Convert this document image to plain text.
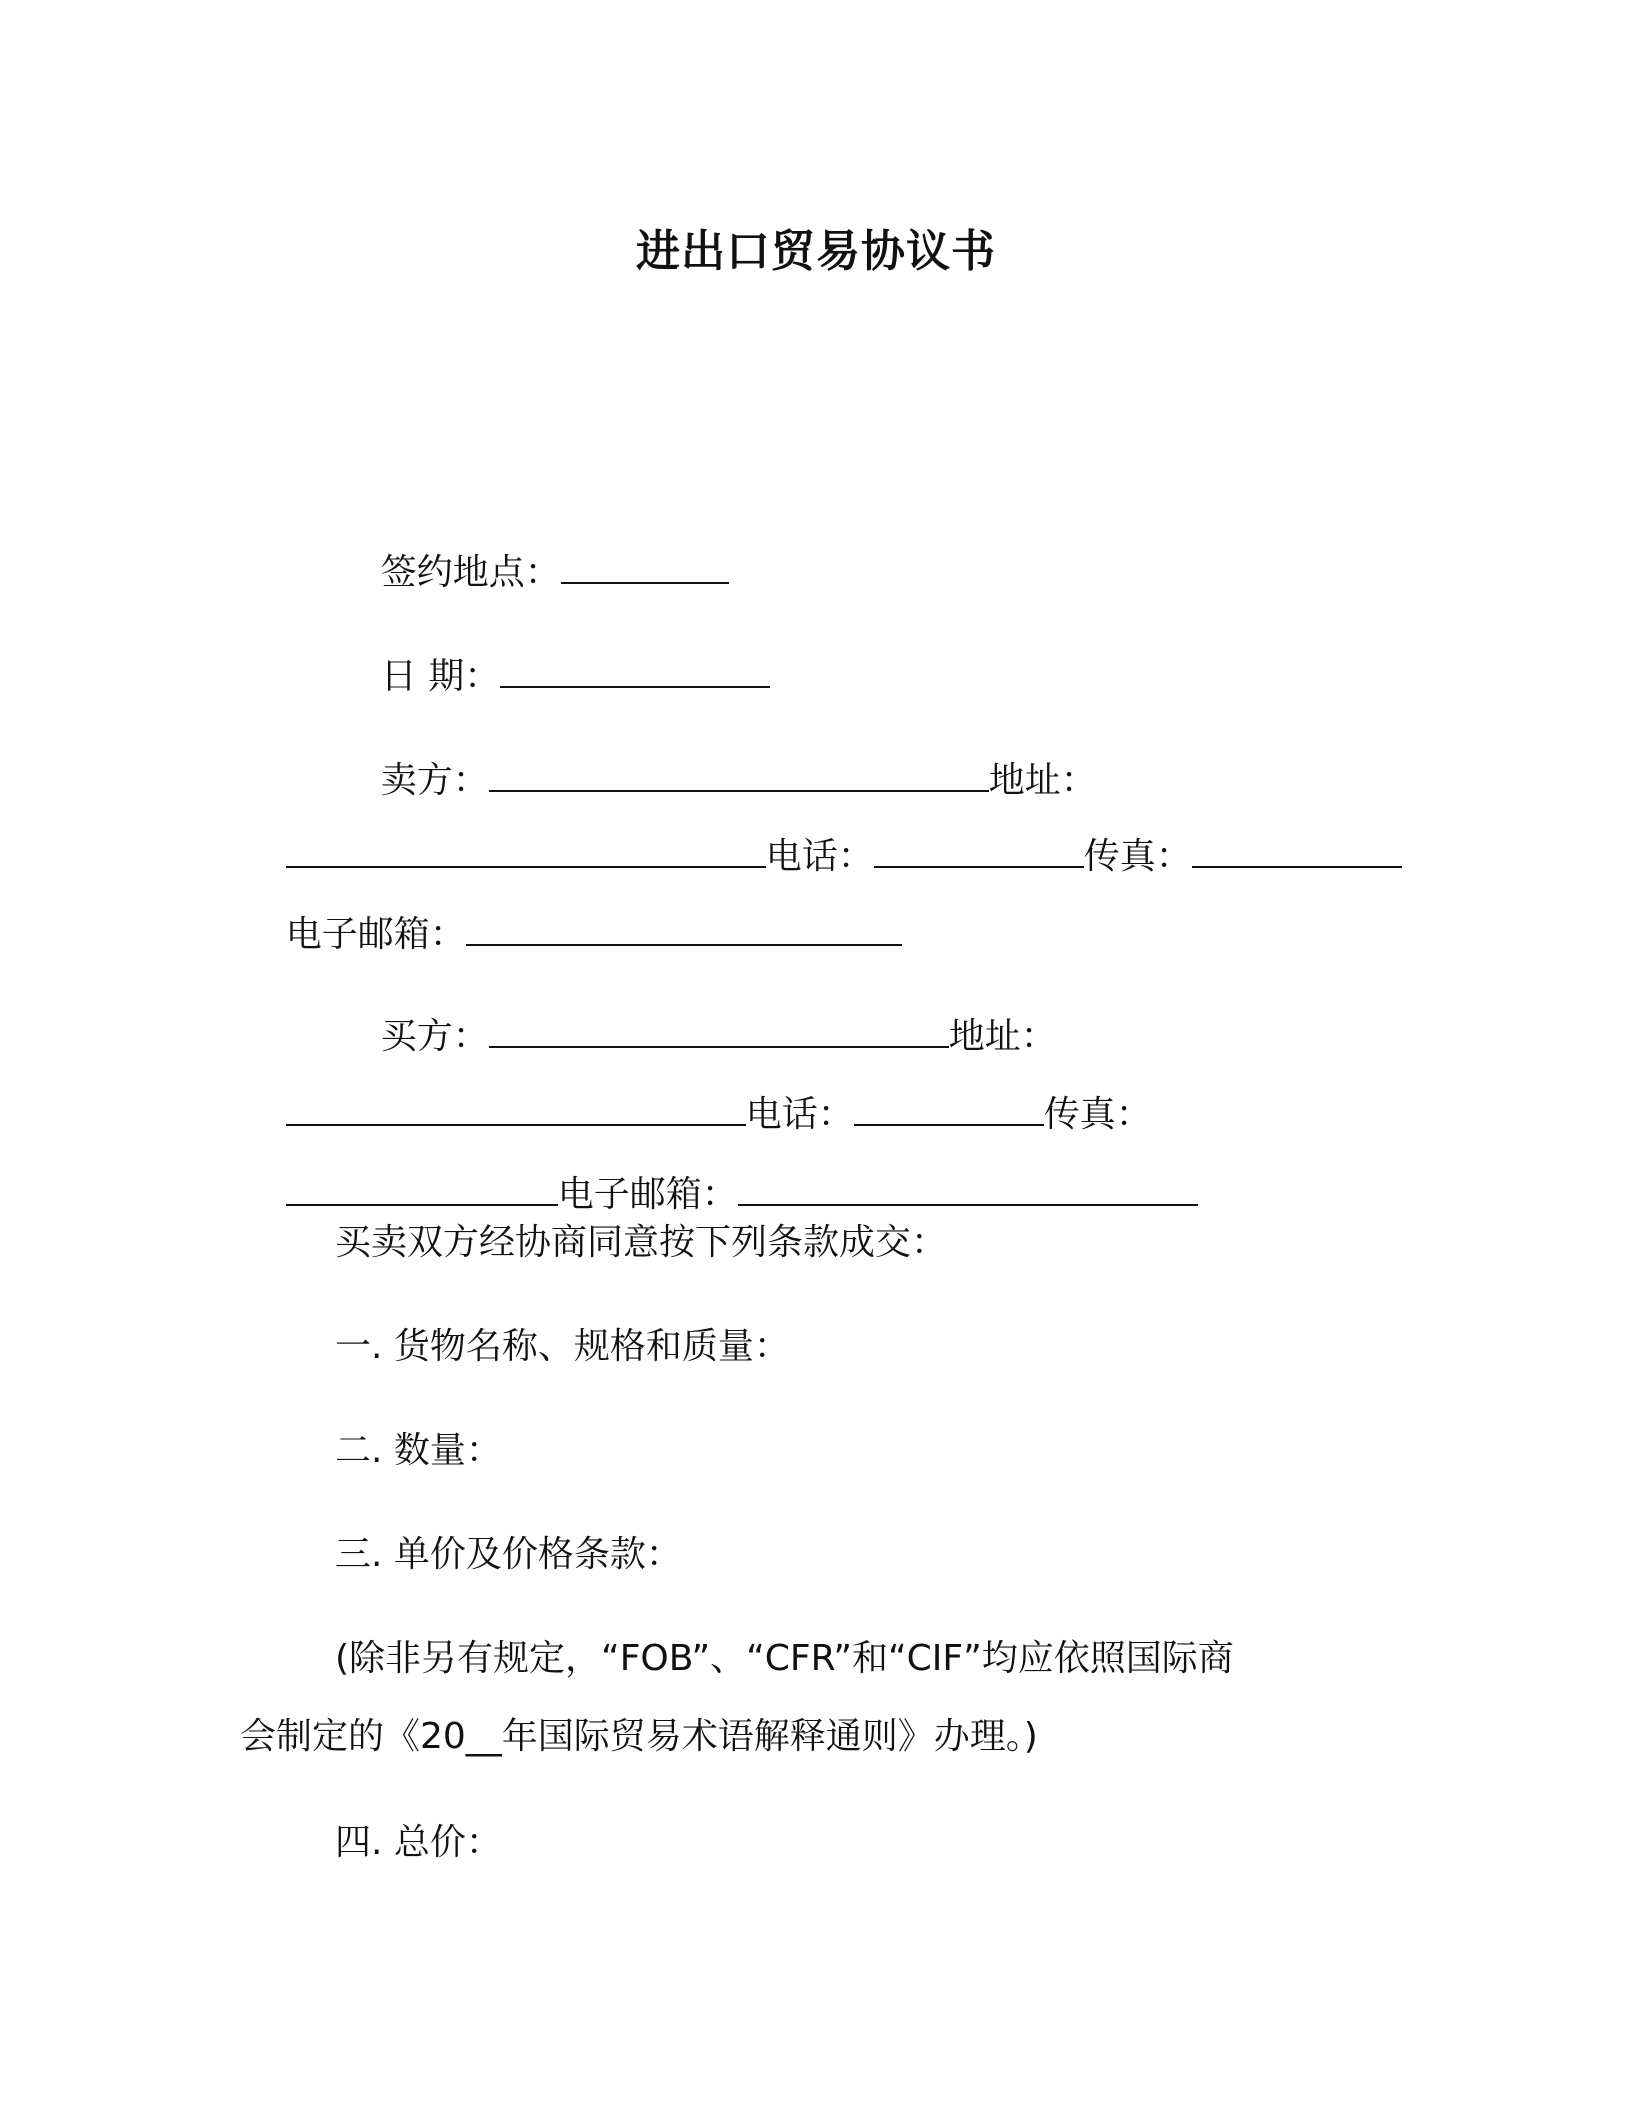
进出口贸易协议书

签约地点：

日 期：

卖方：	地址：

电话：	传真：

电子邮箱：

买方：	地址：

电话：	传真：

电子邮箱：

买卖双方经协商同意按下列条款成交：
一. 货物名称、规格和质量：
二. 数量：
三. 单价及价格条款：
(除非另有规定，“FOB”、“CFR”和“CIF”均应依照国际商
会制定的《20__年国际贸易术语解释通则》办理。)
四. 总价：
